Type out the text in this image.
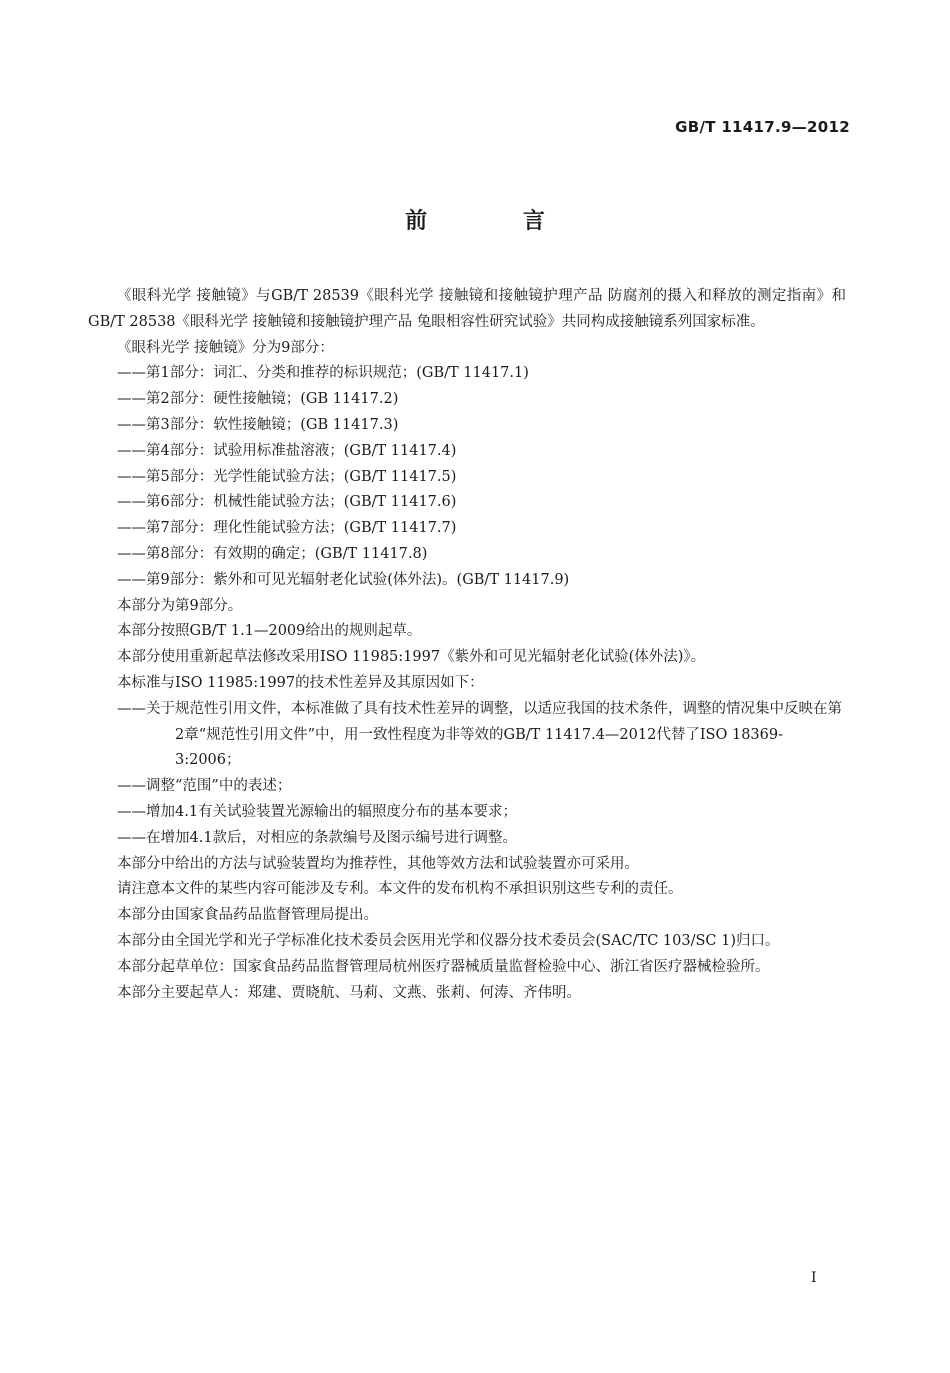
GB/T 11417.9—2012
前 言

《眼科光学 接触镜》与GB/T 28539《眼科光学 接触镜和接触镜护理产品 防腐剂的摄入和释放的测定指南》和GB/T 28538《眼科光学 接触镜和接触镜护理产品 兔眼相容性研究试验》共同构成接触镜系列国家标准。

《眼科光学 接触镜》分为9部分：

——第1部分：词汇、分类和推荐的标识规范；(GB/T 11417.1)

——第2部分：硬性接触镜；(GB 11417.2)

——第3部分：软性接触镜；(GB 11417.3)

——第4部分：试验用标准盐溶液；(GB/T 11417.4)

——第5部分：光学性能试验方法；(GB/T 11417.5)

——第6部分：机械性能试验方法；(GB/T 11417.6)

——第7部分：理化性能试验方法；(GB/T 11417.7)

——第8部分：有效期的确定；(GB/T 11417.8)

——第9部分：紫外和可见光辐射老化试验(体外法)。(GB/T 11417.9)

本部分为第9部分。

本部分按照GB/T 1.1—2009给出的规则起草。

本部分使用重新起草法修改采用ISO 11985:1997《紫外和可见光辐射老化试验(体外法)》。

本标准与ISO 11985:1997的技术性差异及其原因如下：

——关于规范性引用文件，本标准做了具有技术性差异的调整，以适应我国的技术条件，调整的情况集中反映在第2章“规范性引用文件”中，用一致性程度为非等效的GB/T 11417.4—2012代替了ISO 18369-3:2006；

——调整“范围”中的表述；

——增加4.1有关试验装置光源输出的辐照度分布的基本要求；

——在增加4.1款后，对相应的条款编号及图示编号进行调整。

本部分中给出的方法与试验装置均为推荐性，其他等效方法和试验装置亦可采用。

请注意本文件的某些内容可能涉及专利。本文件的发布机构不承担识别这些专利的责任。

本部分由国家食品药品监督管理局提出。

本部分由全国光学和光子学标准化技术委员会医用光学和仪器分技术委员会(SAC/TC 103/SC 1)归口。

本部分起草单位：国家食品药品监督管理局杭州医疗器械质量监督检验中心、浙江省医疗器械检验所。

本部分主要起草人：郑建、贾晓航、马莉、文燕、张莉、何涛、齐伟明。

I
